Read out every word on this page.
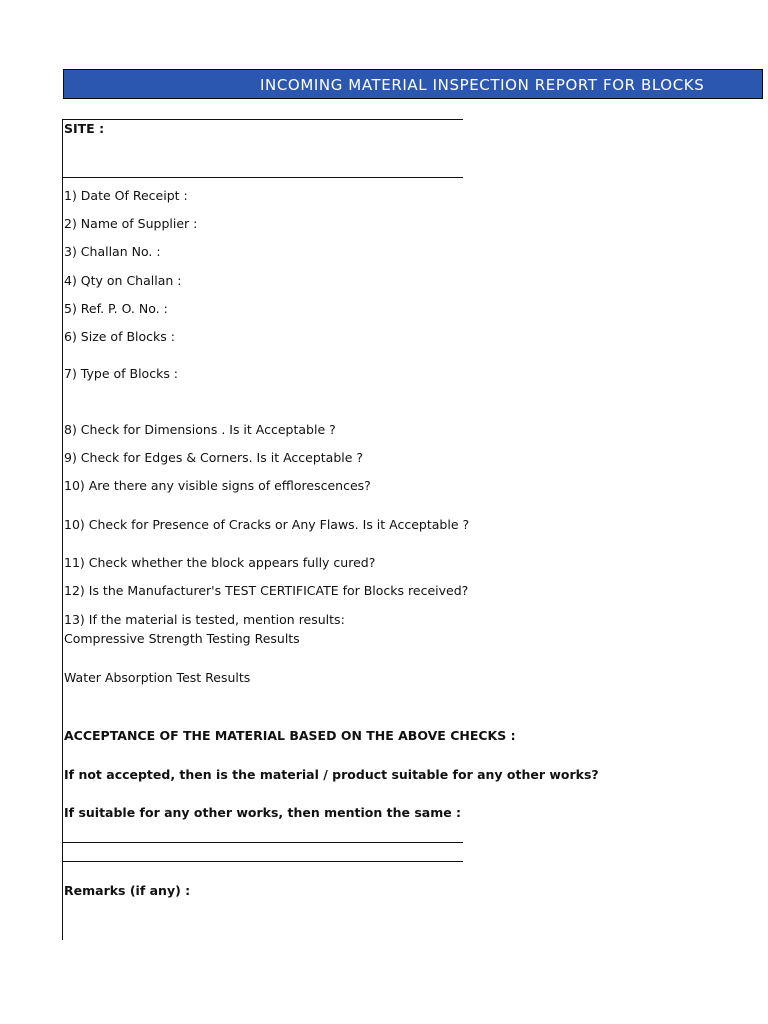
INCOMING MATERIAL INSPECTION REPORT FOR BLOCKS
SITE :
1) Date Of Receipt :
2) Name of Supplier :
3) Challan No. :
4) Qty on Challan :
5) Ref. P. O. No. :
6) Size of Blocks :
7) Type of Blocks :
8) Check for Dimensions . Is it Acceptable ?
9) Check for Edges & Corners. Is it Acceptable ?
10) Are there any visible signs of efflorescences?
10) Check for Presence of Cracks or Any Flaws. Is it Acceptable ?
11) Check whether the block appears fully cured?
12) Is the Manufacturer's TEST CERTIFICATE for Blocks received?
13) If the material is tested, mention results:
Compressive Strength Testing Results
Water Absorption Test Results
ACCEPTANCE OF THE MATERIAL BASED ON THE ABOVE CHECKS :
If not accepted, then is the material / product suitable for any other works?
If suitable for any other works, then mention the same :
Remarks (if any) :
